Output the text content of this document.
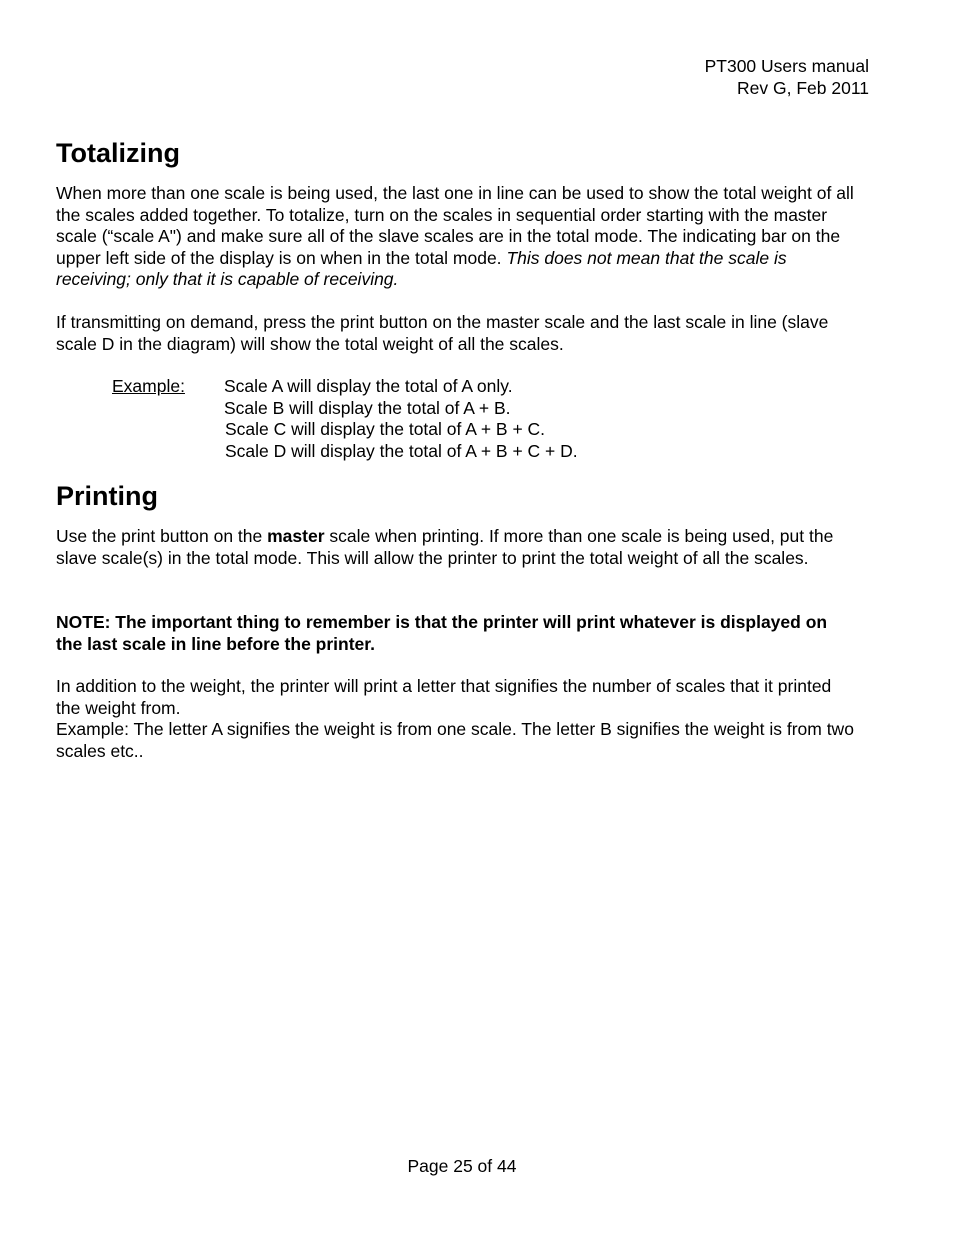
PT300 Users manual
Rev G, Feb 2011
Totalizing

When more than one scale is being used, the last one in line can be used to show the total weight of all the scales added together. To totalize, turn on the scales in sequential order starting with the master scale (“scale A") and make sure all of the slave scales are in the total mode. The indicating bar on the upper left side of the display is on when in the total mode. This does not mean that the scale is receiving; only that it is capable of receiving.

If transmitting on demand, press the print button on the master scale and the last scale in line (slave scale D in the diagram) will show the total weight of all the scales.

Example: Scale A will display the total of A only.
Scale B will display the total of A + B.
Scale C will display the total of A + B + C.
Scale D will display the total of A + B + C + D.
Printing

Use the print button on the master scale when printing. If more than one scale is being used, put the slave scale(s) in the total mode. This will allow the printer to print the total weight of all the scales.

NOTE: The important thing to remember is that the printer will print whatever is displayed on the last scale in line before the printer.

In addition to the weight, the printer will print a letter that signifies the number of scales that it printed the weight from.
Example: The letter A signifies the weight is from one scale. The letter B signifies the weight is from two scales etc..
Page 25 of 44
